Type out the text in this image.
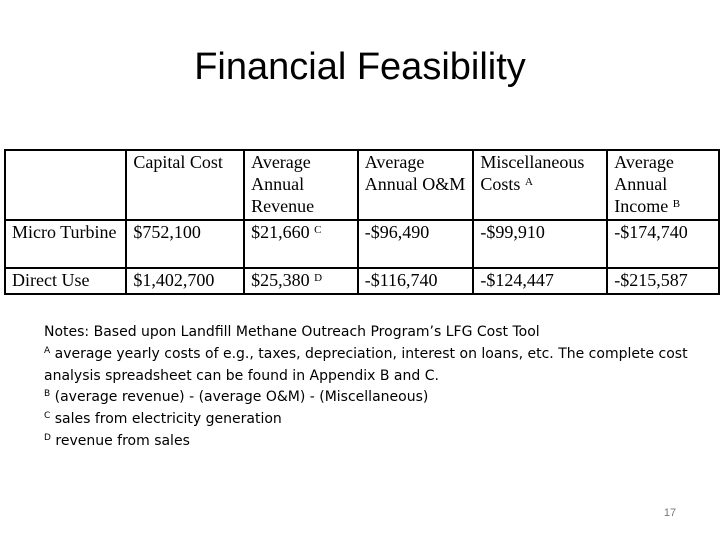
Financial Feasibility
	Capital Cost	Average Annual Revenue	Average Annual O&M	Miscellaneous Costs $^A$	Average Annual Income $^B$
Micro Turbine	$752,100	$21,660 $^C$	-$96,490	-$99,910	-$174,740
Direct Use	$1,402,700	$25,380 $^D$	-$116,740	-$124,447	-$215,587
Notes: Based upon Landfill Methane Outreach Program’s LFG Cost Tool
$^A$ average yearly costs of e.g., taxes, depreciation, interest on loans, etc. The complete cost analysis spreadsheet can be found in Appendix B and C.
$^B$ (average revenue) - (average O&M) - (Miscellaneous)
$^C$ sales from electricity generation
$^D$ revenue from sales
17
